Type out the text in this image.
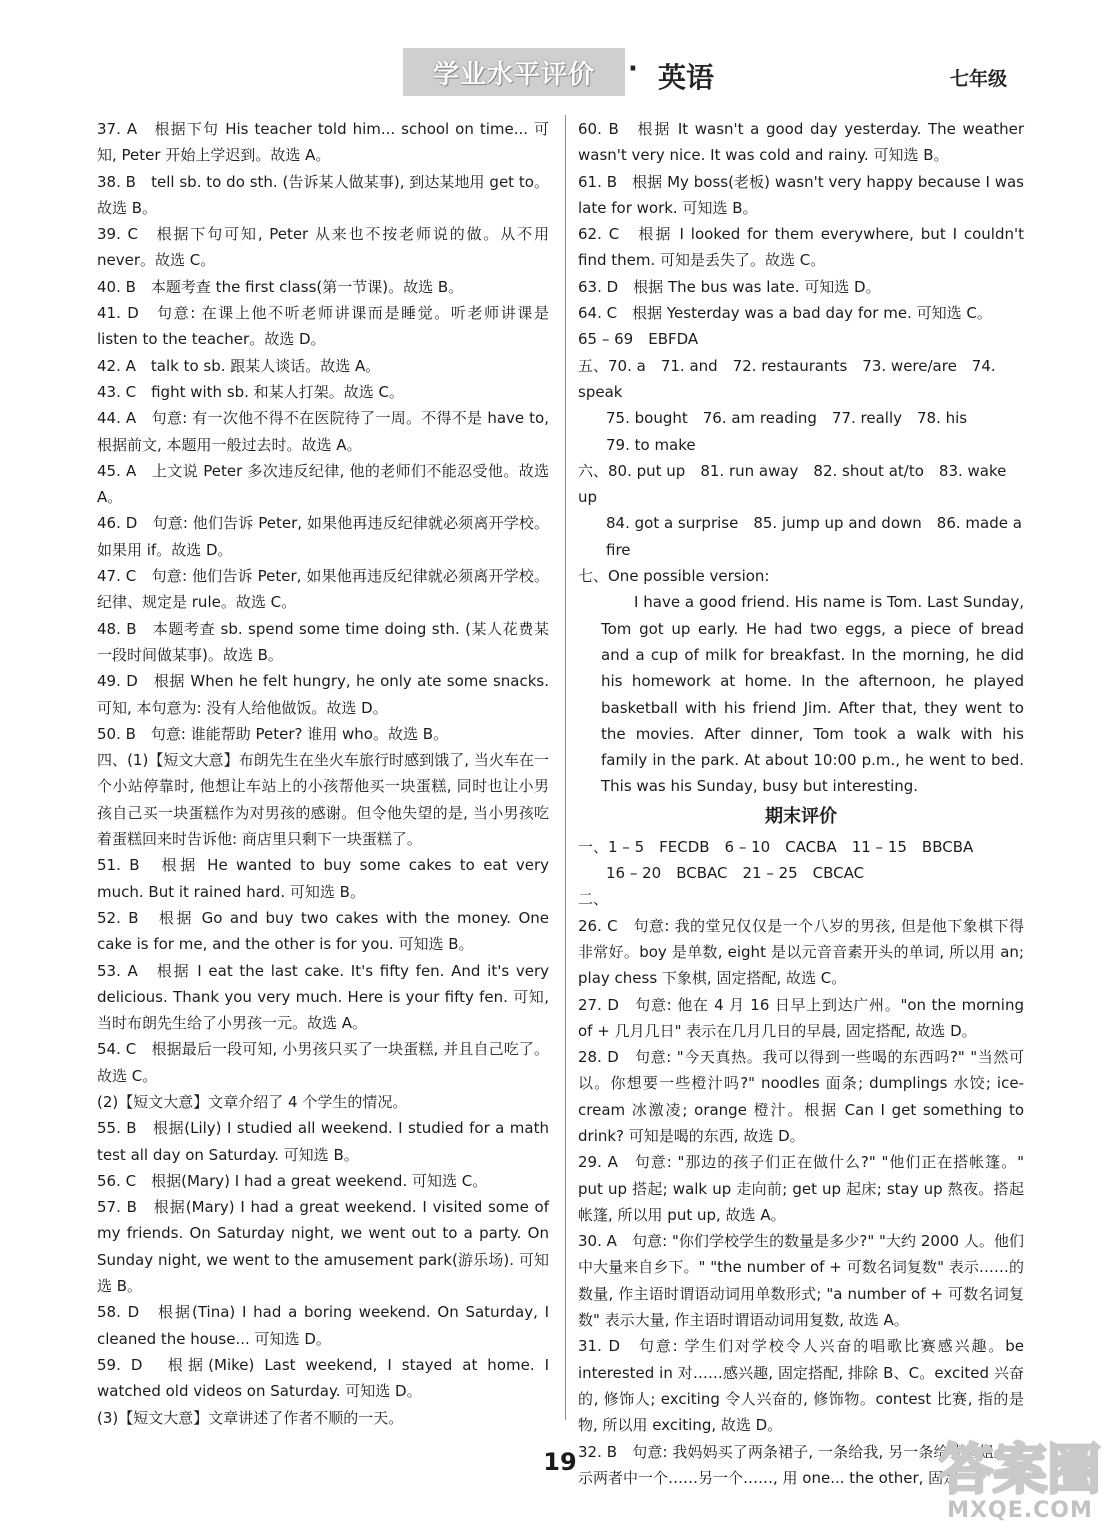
学业水平评价 · 英语	七年级
37. A　根据下句 His teacher told him... school on time... 可知, Peter 开始上学迟到。故选 A。
38. B　tell sb. to do sth. (告诉某人做某事), 到达某地用 get to。故选 B。
39. C　根据下句可知, Peter 从来也不按老师说的做。从不用 never。故选 C。
40. B　本题考查 the first class(第一节课)。故选 B。
41. D　句意: 在课上他不听老师讲课而是睡觉。听老师讲课是 listen to the teacher。故选 D。
42. A　talk to sb. 跟某人谈话。故选 A。
43. C　fight with sb. 和某人打架。故选 C。
44. A　句意: 有一次他不得不在医院待了一周。不得不是 have to, 根据前文, 本题用一般过去时。故选 A。
45. A　上文说 Peter 多次违反纪律, 他的老师们不能忍受他。故选 A。
46. D　句意: 他们告诉 Peter, 如果他再违反纪律就必须离开学校。如果用 if。故选 D。
47. C　句意: 他们告诉 Peter, 如果他再违反纪律就必须离开学校。纪律、规定是 rule。故选 C。
48. B　本题考查 sb. spend some time doing sth. (某人花费某一段时间做某事)。故选 B。
49. D　根据 When he felt hungry, he only ate some snacks. 可知, 本句意为: 没有人给他做饭。故选 D。
50. B　句意: 谁能帮助 Peter? 谁用 who。故选 B。
四、(1)【短文大意】布朗先生在坐火车旅行时感到饿了, 当火车在一个小站停靠时, 他想让车站上的小孩帮他买一块蛋糕, 同时也让小男孩自己买一块蛋糕作为对男孩的感谢。但令他失望的是, 当小男孩吃着蛋糕回来时告诉他: 商店里只剩下一块蛋糕了。
51. B　根据 He wanted to buy some cakes to eat very much. But it rained hard. 可知选 B。
52. B　根据 Go and buy two cakes with the money. One cake is for me, and the other is for you. 可知选 B。
53. A　根据 I eat the last cake. It's fifty fen. And it's very delicious. Thank you very much. Here is your fifty fen. 可知, 当时布朗先生给了小男孩一元。故选 A。
54. C　根据最后一段可知, 小男孩只买了一块蛋糕, 并且自己吃了。故选 C。
(2)【短文大意】文章介绍了 4 个学生的情况。
55. B　根据(Lily) I studied all weekend. I studied for a math test all day on Saturday. 可知选 B。
56. C　根据(Mary) I had a great weekend. 可知选 C。
57. B　根据(Mary) I had a great weekend. I visited some of my friends. On Saturday night, we went out to a party. On Sunday night, we went to the amusement park(游乐场). 可知选 B。
58. D　根据(Tina) I had a boring weekend. On Saturday, I cleaned the house... 可知选 D。
59. D　根据(Mike) Last weekend, I stayed at home. I watched old videos on Saturday. 可知选 D。
(3)【短文大意】文章讲述了作者不顺的一天。
60. B　根据 It wasn't a good day yesterday. The weather wasn't very nice. It was cold and rainy. 可知选 B。
61. B　根据 My boss(老板) wasn't very happy because I was late for work. 可知选 B。
62. C　根据 I looked for them everywhere, but I couldn't find them. 可知是丢失了。故选 C。
63. D　根据 The bus was late. 可知选 D。
64. C　根据 Yesterday was a bad day for me. 可知选 C。
65 – 69　EBFDA
五、70. a　71. and　72. restaurants　73. were/are　74. speak
75. bought　76. am reading　77. really　78. his
79. to make
六、80. put up　81. run away　82. shout at/to　83. wake up
84. got a surprise　85. jump up and down　86. made a fire
七、One possible version:
I have a good friend. His name is Tom. Last Sunday, Tom got up early. He had two eggs, a piece of bread and a cup of milk for breakfast. In the morning, he did his homework at home. In the afternoon, he played basketball with his friend Jim. After that, they went to the movies. After dinner, Tom took a walk with his family in the park. At about 10:00 p.m., he went to bed. This was his Sunday, busy but interesting.
期末评价
一、1 – 5　FECDB　6 – 10　CACBA　11 – 15　BBCBA
16 – 20　BCBAC　21 – 25　CBCAC
二、
26. C　句意: 我的堂兄仅仅是一个八岁的男孩, 但是他下象棋下得非常好。boy 是单数, eight 是以元音音素开头的单词, 所以用 an; play chess 下象棋, 固定搭配, 故选 C。
27. D　句意: 他在 4 月 16 日早上到达广州。"on the morning of + 几月几日" 表示在几月几日的早晨, 固定搭配, 故选 D。
28. D　句意: "今天真热。我可以得到一些喝的东西吗?" "当然可以。你想要一些橙汁吗?" noodles 面条; dumplings 水饺; ice-cream 冰激凌; orange 橙汁。根据 Can I get something to drink? 可知是喝的东西, 故选 D。
29. A　句意: "那边的孩子们正在做什么?" "他们正在搭帐篷。" put up 搭起; walk up 走向前; get up 起床; stay up 熬夜。搭起帐篷, 所以用 put up, 故选 A。
30. A　句意: "你们学校学生的数量是多少?" "大约 2000 人。他们中大量来自乡下。" "the number of + 可数名词复数" 表示……的数量, 作主语时谓语动词用单数形式; "a number of + 可数名词复数" 表示大量, 作主语时谓语动词用复数, 故选 A。
31. D　句意: 学生们对学校令人兴奋的唱歌比赛感兴趣。be interested in 对……感兴趣, 固定搭配, 排除 B、C。excited 兴奋的, 修饰人; exciting 令人兴奋的, 修饰物。contest 比赛, 指的是物, 所以用 exciting, 故选 D。
32. B　句意: 我妈妈买了两条裙子, 一条给我, 另一条给我堂姐。表示两者中一个……另一个……, 用 one... the other, 固定
19	答案圈
MXQE.COM
